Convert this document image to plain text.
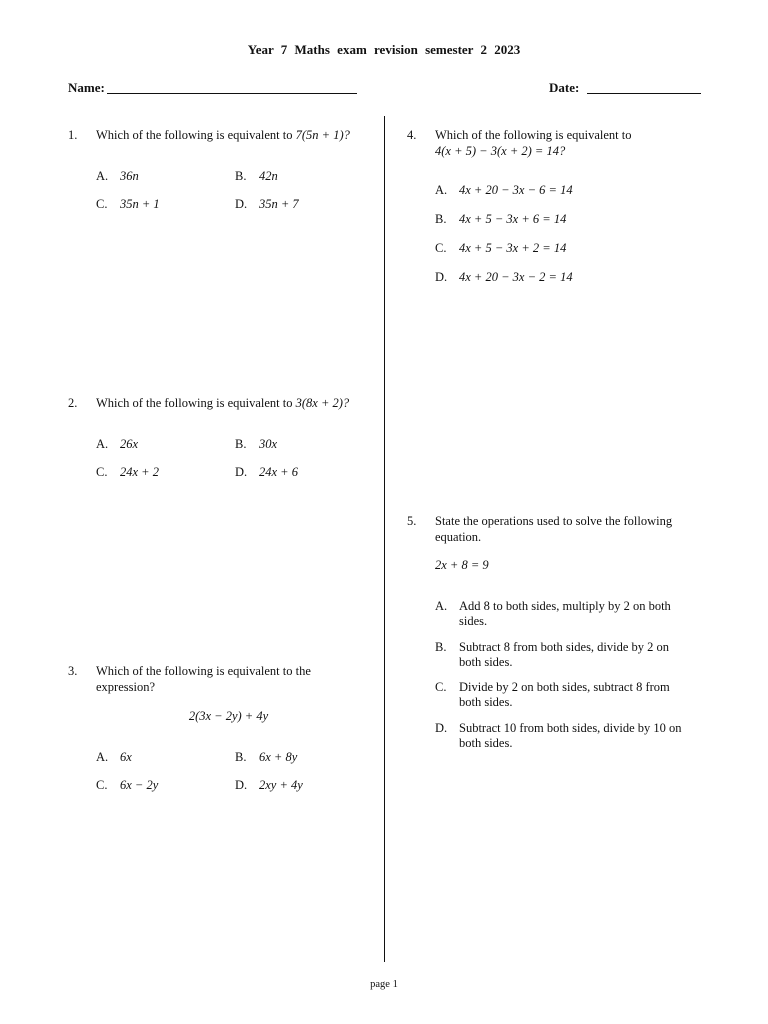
Year 7 Maths exam revision semester 2 2023
Name:	Date:
1. Which of the following is equivalent to 7(5n + 1)?
A. 36n	B. 42n
C. 35n + 1	D. 35n + 7
2. Which of the following is equivalent to 3(8x + 2)?
A. 26x	B. 30x
C. 24x + 2	D. 24x + 6
3. Which of the following is equivalent to the
expression?
2(3x − 2y) + 4y
A. 6x	B. 6x + 8y
C. 6x − 2y	D. 2xy + 4y
4. Which of the following is equivalent to
4(x + 5) − 3(x + 2) = 14?
A. 4x + 20 − 3x − 6 = 14
B. 4x + 5 − 3x + 6 = 14
C. 4x + 5 − 3x + 2 = 14
D. 4x + 20 − 3x − 2 = 14
5. State the operations used to solve the following
equation.
2x + 8 = 9
A. Add 8 to both sides, multiply by 2 on both
sides.
B.	Subtract 8 from both sides, divide by 2 on
both sides.
C.	Divide by 2 on both sides, subtract 8 from
both sides.
D. Subtract 10 from both sides, divide by 10 on
both sides.
page 1
